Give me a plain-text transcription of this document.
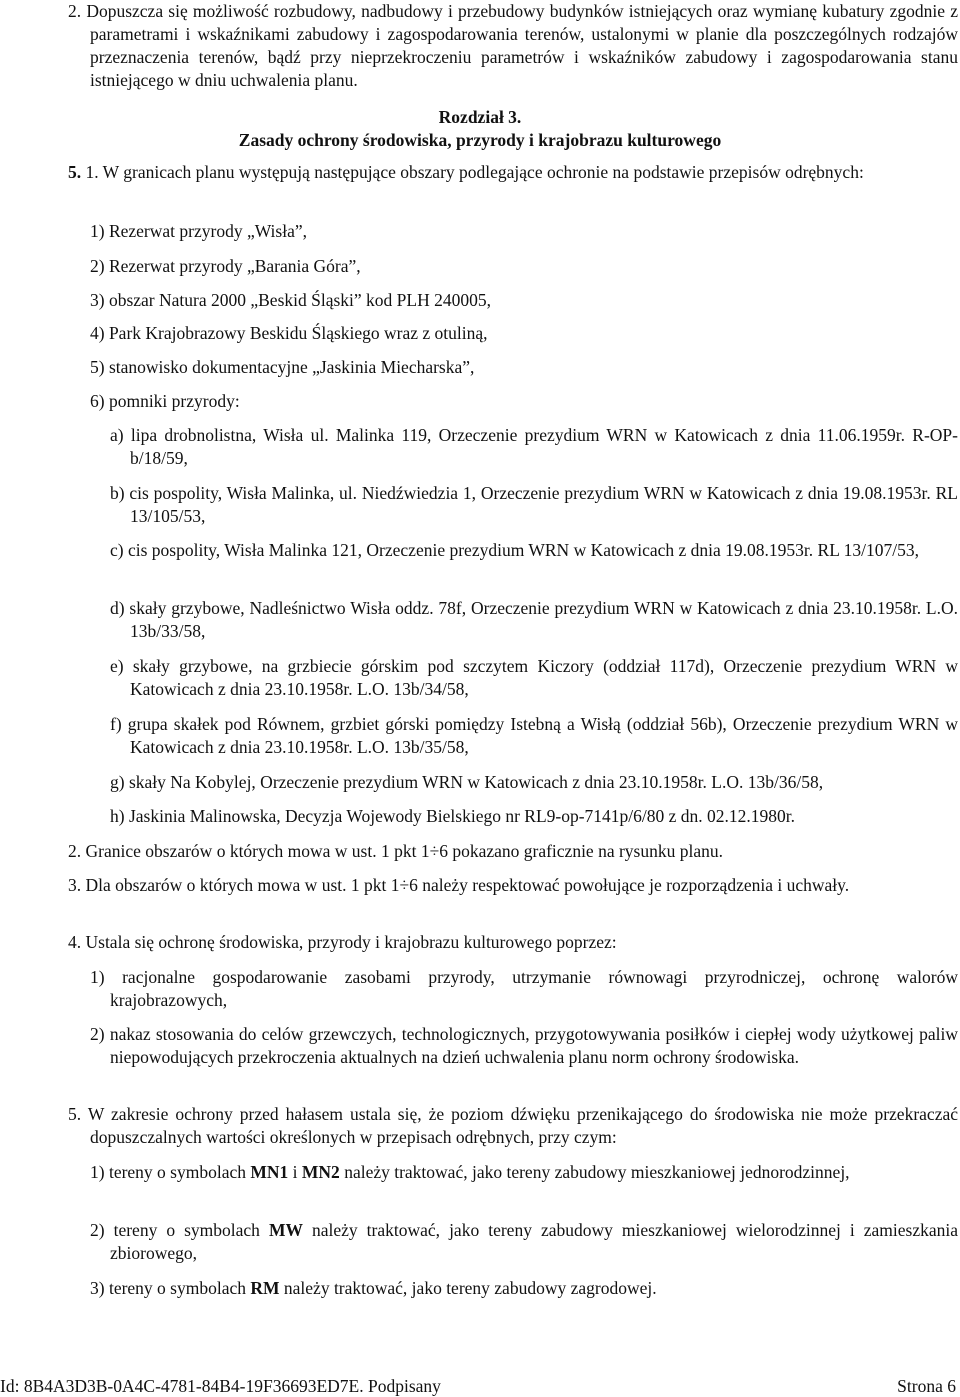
2. Dopuszcza się możliwość rozbudowy, nadbudowy i przebudowy budynków istniejących oraz wymianę kubatury zgodnie z parametrami i wskaźnikami zabudowy i zagospodarowania terenów, ustalonymi w planie dla poszczególnych rodzajów przeznaczenia terenów, bądź przy nieprzekroczeniu parametrów i wskaźników zabudowy i zagospodarowania stanu istniejącego w dniu uchwalenia planu.
Rozdział 3.
Zasady ochrony środowiska, przyrody i krajobrazu kulturowego
5. 1. W granicach planu występują następujące obszary podlegające ochronie na podstawie przepisów odrębnych:
1) Rezerwat przyrody „Wisła”,
2) Rezerwat przyrody „Barania Góra”,
3) obszar Natura 2000 „Beskid Śląski” kod PLH 240005,
4) Park Krajobrazowy Beskidu Śląskiego wraz z otuliną,
5) stanowisko dokumentacyjne „Jaskinia Miecharska”,
6) pomniki przyrody:
a) lipa drobnolistna, Wisła ul. Malinka 119, Orzeczenie prezydium WRN w Katowicach z dnia 11.06.1959r. R-OP-b/18/59,
b) cis pospolity, Wisła Malinka, ul. Niedźwiedzia 1, Orzeczenie prezydium WRN w Katowicach z dnia 19.08.1953r. RL 13/105/53,
c) cis pospolity, Wisła Malinka 121, Orzeczenie prezydium WRN w Katowicach z dnia 19.08.1953r. RL 13/107/53,
d) skały grzybowe, Nadleśnictwo Wisła oddz. 78f, Orzeczenie prezydium WRN w Katowicach z dnia 23.10.1958r. L.O. 13b/33/58,
e) skały grzybowe, na grzbiecie górskim pod szczytem Kiczory (oddział 117d), Orzeczenie prezydium WRN w Katowicach z dnia 23.10.1958r. L.O. 13b/34/58,
f) grupa skałek pod Równem, grzbiet górski pomiędzy Istebną a Wisłą (oddział 56b), Orzeczenie prezydium WRN w Katowicach z dnia 23.10.1958r. L.O. 13b/35/58,
g) skały Na Kobylej, Orzeczenie prezydium WRN w Katowicach z dnia 23.10.1958r. L.O. 13b/36/58,
h) Jaskinia Malinowska, Decyzja Wojewody Bielskiego nr RL9-op-7141p/6/80 z dn. 02.12.1980r.
2. Granice obszarów o których mowa w ust. 1 pkt 1÷6 pokazano graficznie na rysunku planu.
3. Dla obszarów o których mowa w ust. 1 pkt 1÷6 należy respektować powołujące je rozporządzenia i uchwały.
4. Ustala się ochronę środowiska, przyrody i krajobrazu kulturowego poprzez:
1) racjonalne gospodarowanie zasobami przyrody, utrzymanie równowagi przyrodniczej, ochronę walorów krajobrazowych,
2) nakaz stosowania do celów grzewczych, technologicznych, przygotowywania posiłków i ciepłej wody użytkowej paliw niepowodujących przekroczenia aktualnych na dzień uchwalenia planu norm ochrony środowiska.
5. W zakresie ochrony przed hałasem ustala się, że poziom dźwięku przenikającego do środowiska nie może przekraczać dopuszczalnych wartości określonych w przepisach odrębnych, przy czym:
1) tereny o symbolach MN1 i MN2 należy traktować, jako tereny zabudowy mieszkaniowej jednorodzinnej,
2) tereny o symbolach MW należy traktować, jako tereny zabudowy mieszkaniowej wielorodzinnej i zamieszkania zbiorowego,
3) tereny o symbolach RM należy traktować, jako tereny zabudowy zagrodowej.
Id: 8B4A3D3B-0A4C-4781-84B4-19F36693ED7E. Podpisany	Strona 6
